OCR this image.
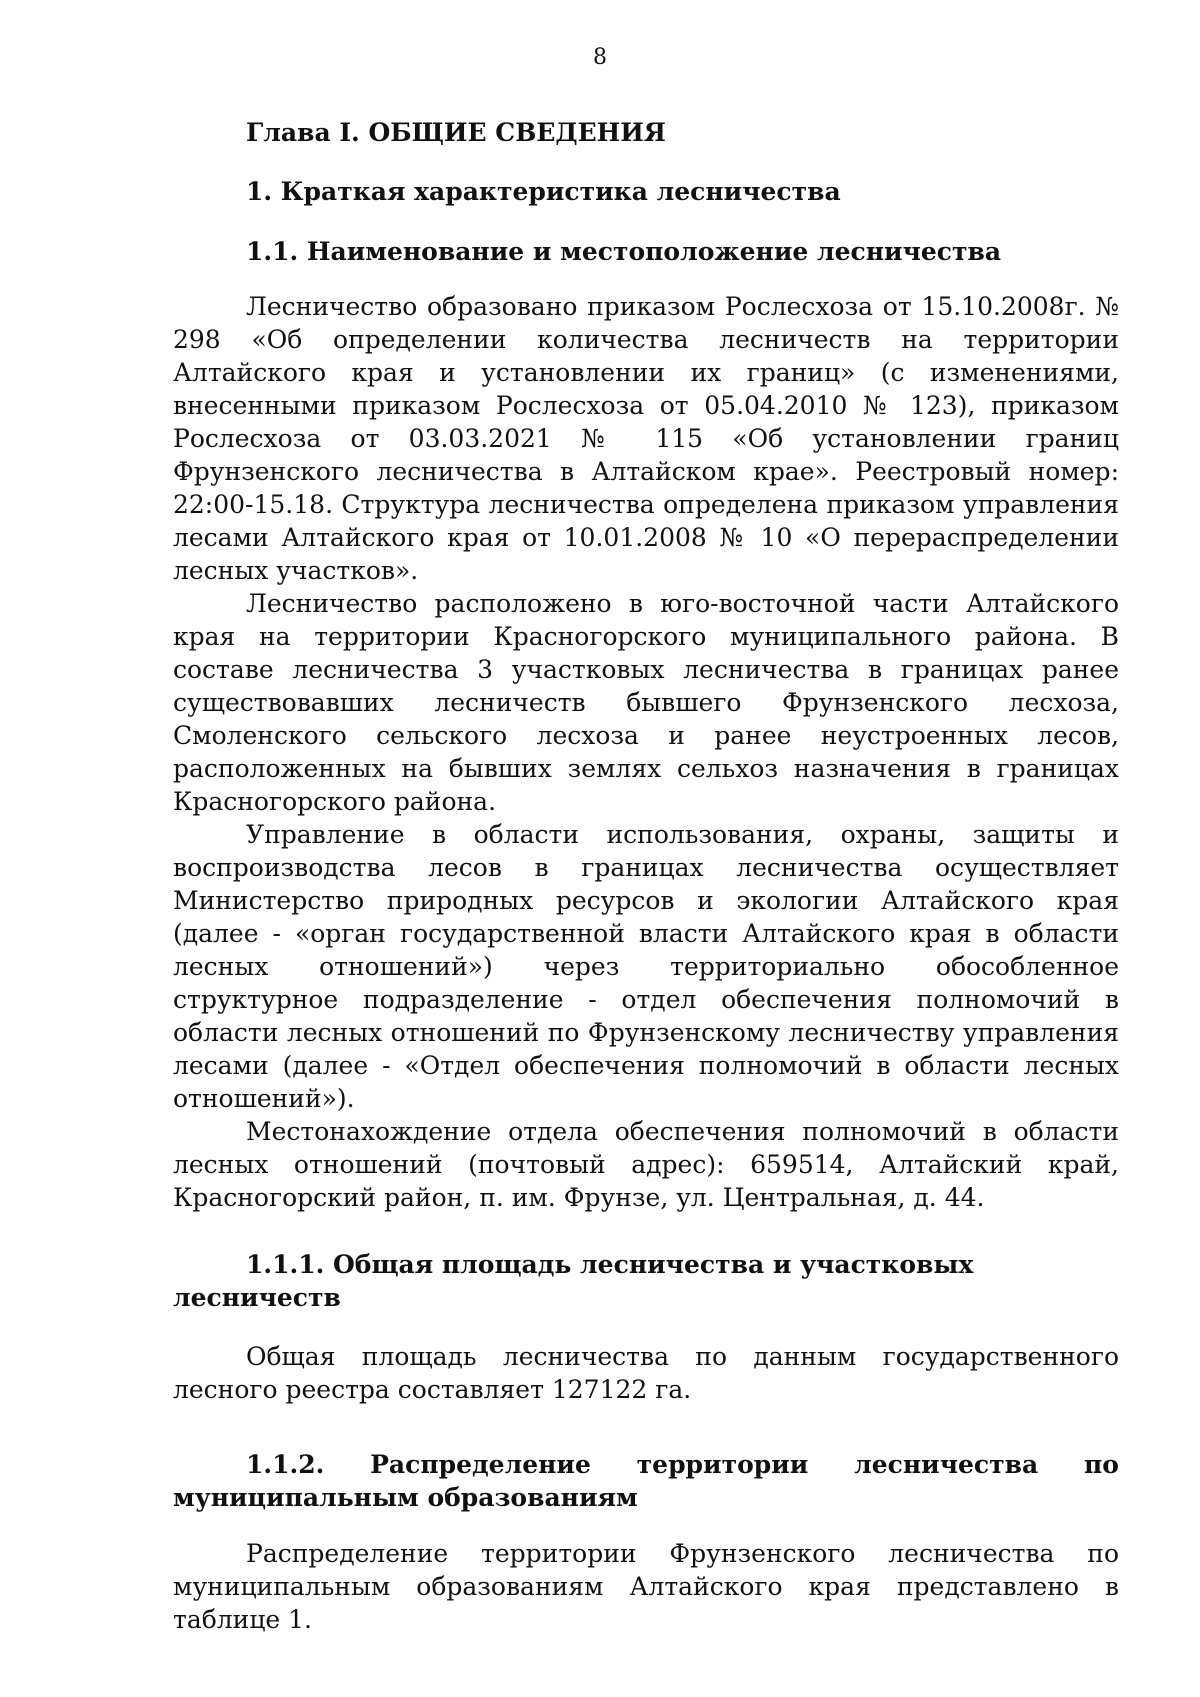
8
Глава I. ОБЩИЕ СВЕДЕНИЯ
1. Краткая характеристика лесничества
1.1. Наименование и местоположение лесничества

Лесничество образовано приказом Рослесхоза от 15.10.2008г. № 298 «Об определении количества лесничеств на территории Алтайского края и установлении их границ» (с изменениями, внесенными приказом Рослесхоза от 05.04.2010 № 123), приказом Рослесхоза от 03.03.2021 № 115 «Об установлении границ Фрунзенского лесничества в Алтайском крае». Реестровый номер: 22:00-15.18. Структура лесничества определена приказом управления лесами Алтайского края от 10.01.2008 № 10 «О перераспределении лесных участков».

Лесничество расположено в юго-восточной части Алтайского края на территории Красногорского муниципального района. В составе лесничества 3 участковых лесничества в границах ранее существовавших лесничеств бывшего Фрунзенского лесхоза, Смоленского сельского лесхоза и ранее неустроенных лесов, расположенных на бывших землях сельхоз назначения в границах Красногорского района.

Управление в области использования, охраны, защиты и воспроизводства лесов в границах лесничества осуществляет Министерство природных ресурсов и экологии Алтайского края (далее - «орган государственной власти Алтайского края в области лесных отношений») через территориально обособленное структурное подразделение - отдел обеспечения полномочий в области лесных отношений по Фрунзенскому лесничеству управления лесами (далее - «Отдел обеспечения полномочий в области лесных отношений»).

Местонахождение отдела обеспечения полномочий в области лесных отношений (почтовый адрес): 659514, Алтайский край, Красногорский район, п. им. Фрунзе, ул. Центральная, д. 44.

1.1.1. Общая площадь лесничества и участковых лесничеств

Общая площадь лесничества по данным государственного лесного реестра составляет 127122 га.

1.1.2. Распределение территории лесничества по муниципальным образованиям

Распределение территории Фрунзенского лесничества по муниципальным образованиям Алтайского края представлено в таблице 1.
